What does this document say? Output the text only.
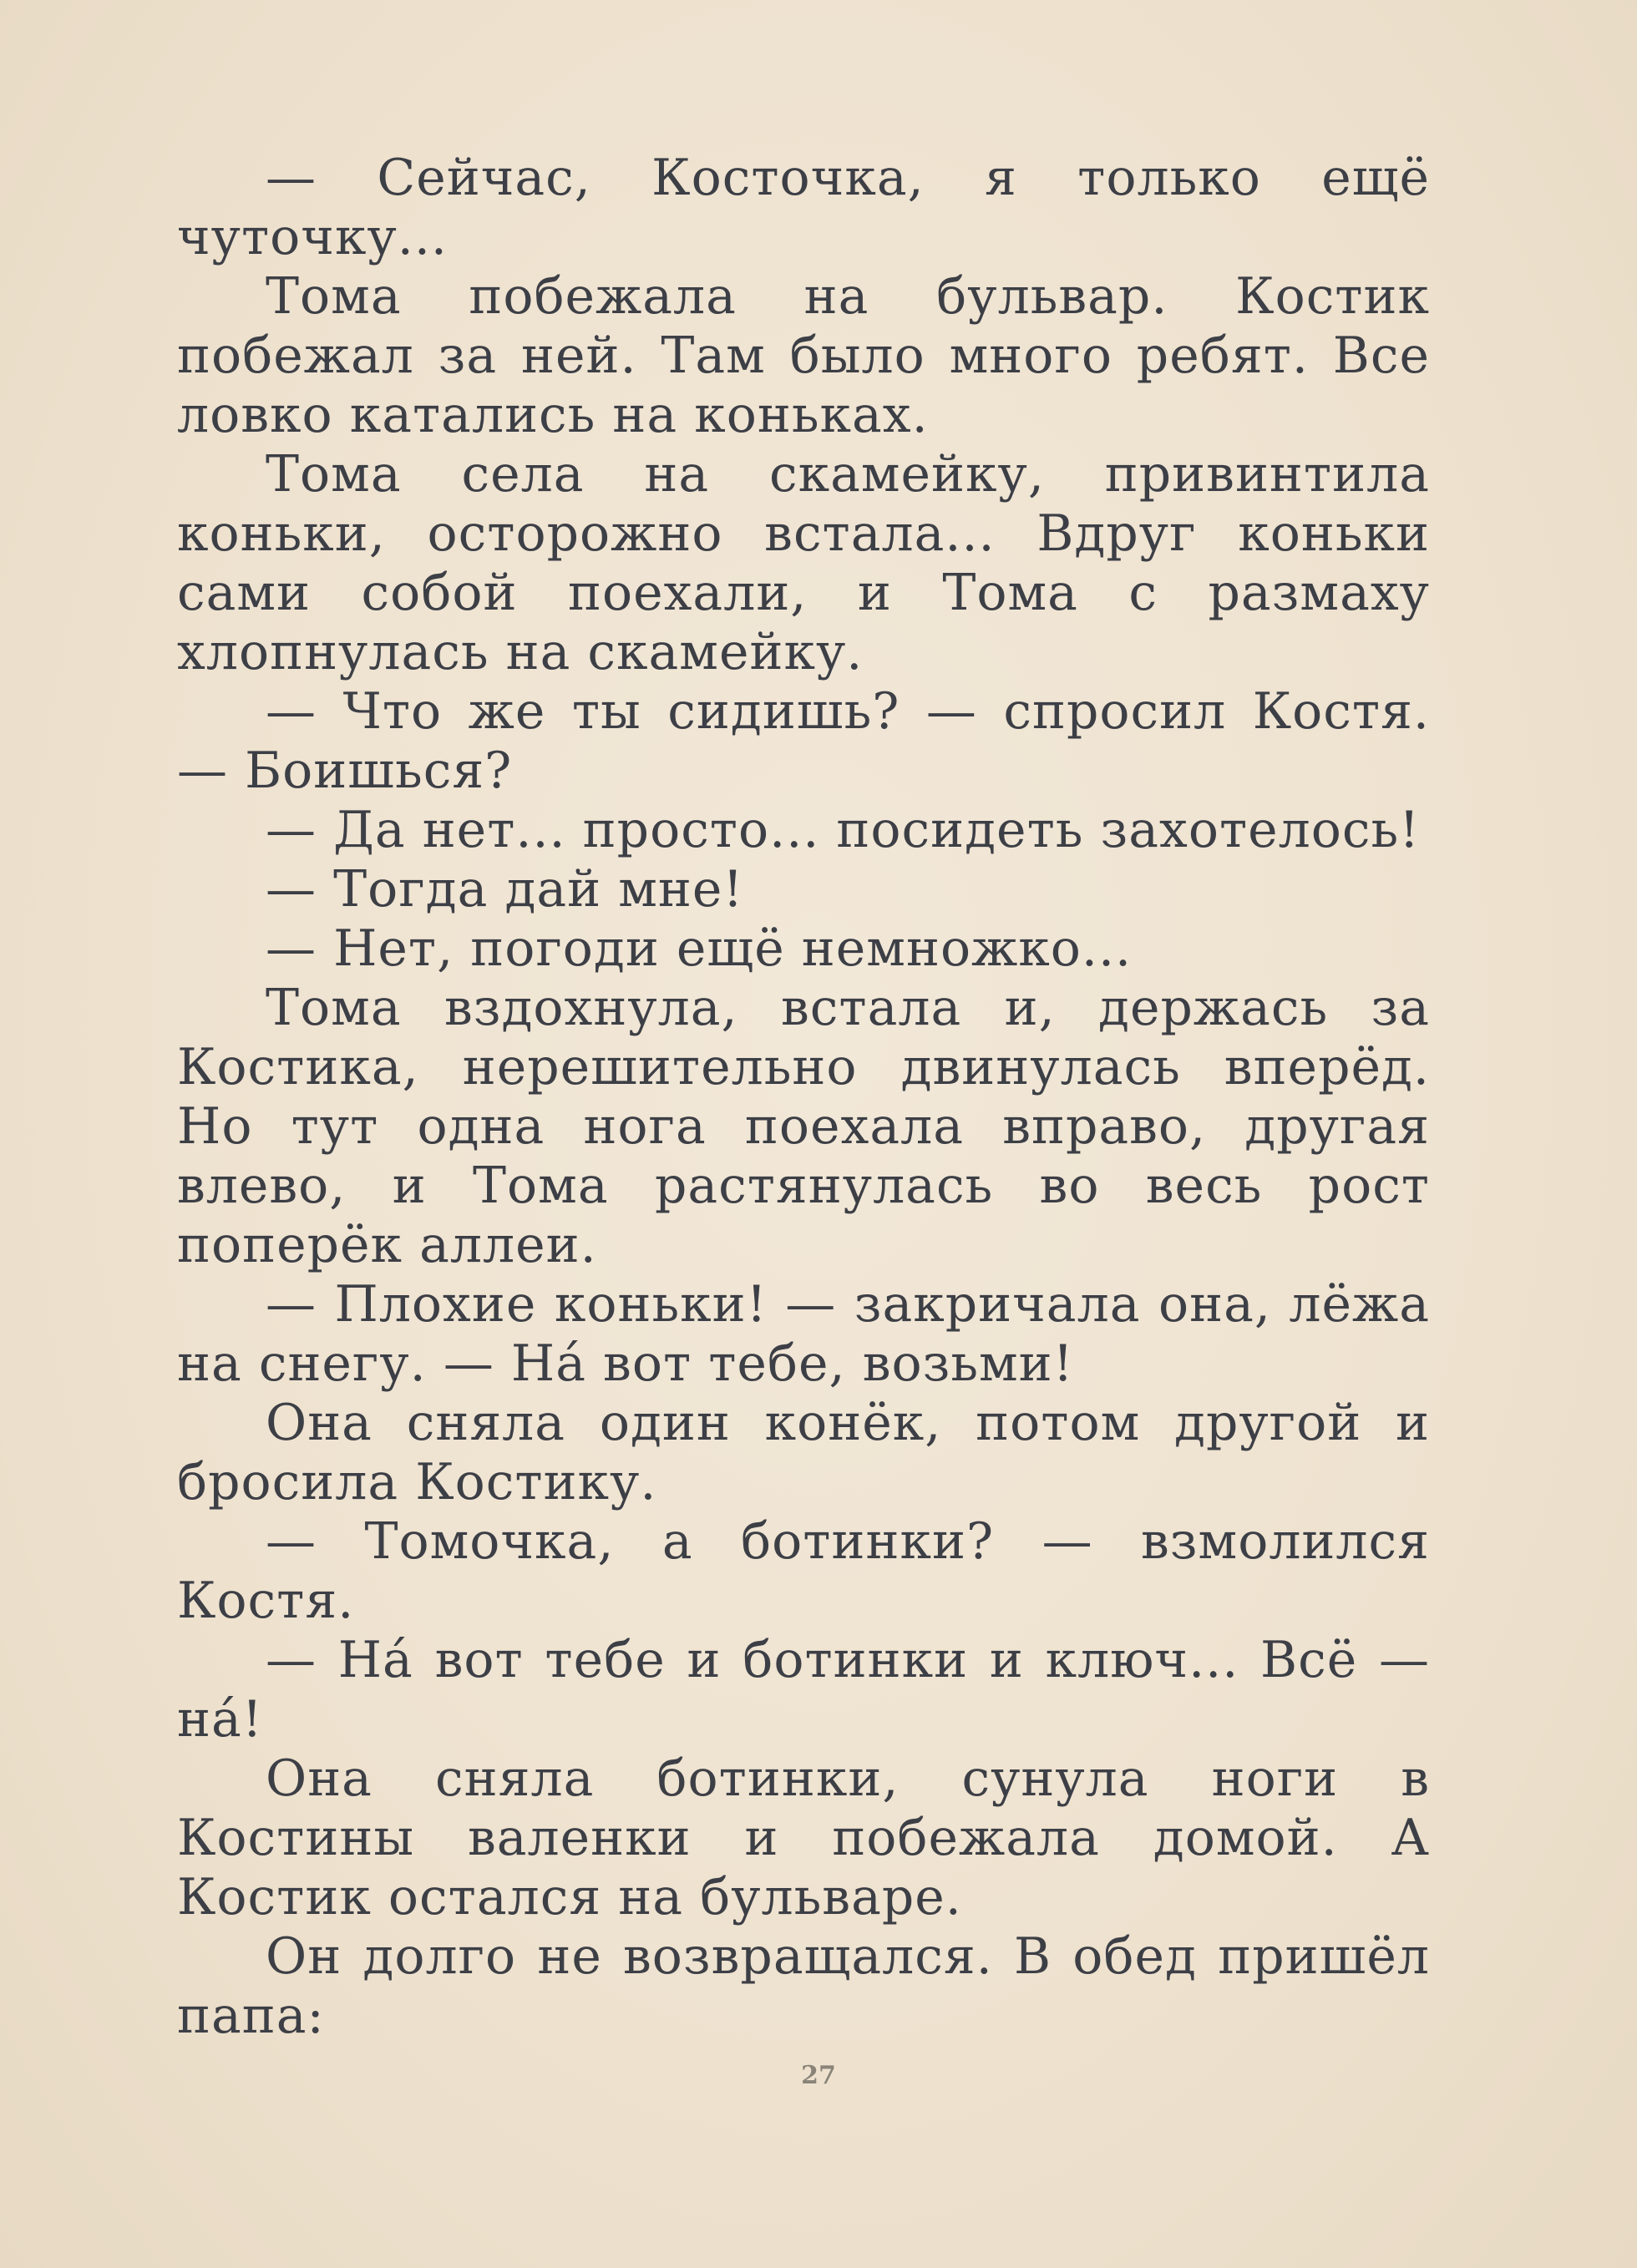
— Сейчас, Косточка, я только ещё чуточку...

Тома побежала на бульвар. Костик побежал за ней. Там было много ребят. Все ловко катались на коньках.

Тома села на скамейку, привинтила коньки, осторожно встала... Вдруг коньки сами собой поехали, и Тома с размаху хлопнулась на скамейку.

— Что же ты сидишь? — спросил Костя. — Боишься?

— Да нет... просто... посидеть захотелось!

— Тогда дай мне!

— Нет, погоди ещё немножко...

Тома вздохнула, встала и, держась за Костика, нерешительно двинулась вперёд. Но тут одна нога поехала вправо, другая влево, и Тома растянулась во весь рост поперёк аллеи.

— Плохие коньки! — закричала она, лёжа на снегу. — На́ вот тебе, возьми!

Она сняла один конёк, потом другой и бросила Костику.

— Томочка, а ботинки? — взмолился Костя.

— На́ вот тебе и ботинки и ключ... Всё — на́!

Она сняла ботинки, сунула ноги в Костины валенки и побежала домой. А Костик остался на бульваре.

Он долго не возвращался. В обед пришёл папа:

27
